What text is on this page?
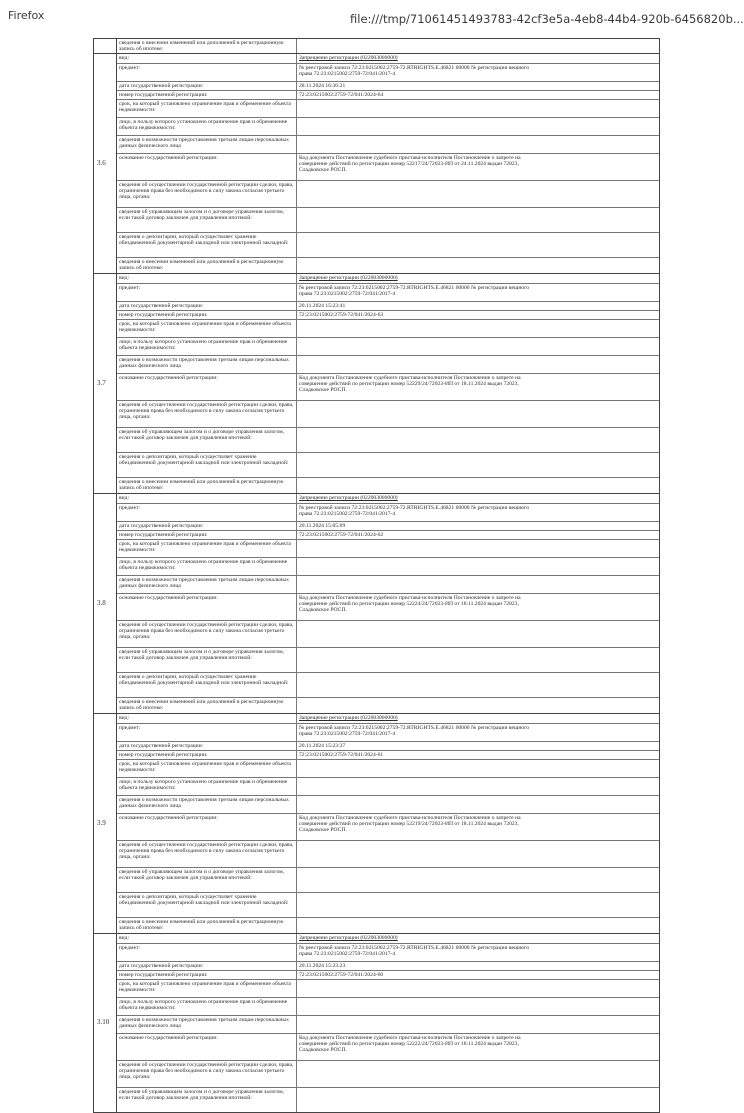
Firefox	file:///tmp/71061451493783-42cf3e5a-4eb8-44b4-920b-6456820b...
сведения о внесении изменений или дополнений в регистрационную запись об ипотеке:
3.6
вид:	Запрещение регистрации (022003000000)
предмет:	№ реестровой записи 72:23:0215002:2759-72.RTRIGHTS.E.46821 60000 № регистрации вещного
права 72:23:0215002:2759-72/041/2017-4
дата государственной регистрации:	28.11.2024 16:36:21
номер государственной регистрации:	72:23:0215002:2759-72/041/2024-64
срок, на который установлено ограничение прав и обременение объекта недвижимости:
лицо, в пользу которого установлено ограничение прав и обременение объекта недвижимости:
сведения о возможности предоставления третьим лицам персональных данных физического лица
основание государственной регистрации:	Код документа Постановление судебного пристава-исполнителя Постановление о запрете на
совершение действий по регистрации номер 52217/24/72023-ИП от 24.11.2024 выдан 72023,
Сладковское РОСП.
сведения об осуществлении государственной регистрации сделки, права, ограничения права без необходимого в силу закона согласия третьего лица, органа:
сведения об управляющем залогом и о договоре управления залогом, если такой договор заключен для управления ипотекой:
сведения о депозитарии, который осуществляет хранение обездвиженной документарной закладной или электронной закладной:
сведения о внесении изменений или дополнений в регистрационную запись об ипотеке:
3.7
вид:	Запрещение регистрации (022003000000)
предмет:	№ реестровой записи 72:23:0215002:2759-72.RTRIGHTS.E.46821 60000 № регистрации вещного
права 72:23:0215002:2759-72/041/2017-4
дата государственной регистрации:	20.11.2024 15:23:41
номер государственной регистрации:	72:23:0215002:2759-72/041/2024-63
срок, на который установлено ограничение прав и обременение объекта недвижимости:
лицо, в пользу которого установлено ограничение прав и обременение объекта недвижимости:
сведения о возможности предоставления третьим лицам персональных данных физического лица
основание государственной регистрации:	Код документа Постановление судебного пристава-исполнителя Постановление о запрете на
совершение действий по регистрации номер 52229/24/72023-ИП от 18.11.2024 выдан 72023,
Сладковское РОСП.
сведения об осуществлении государственной регистрации сделки, права, ограничения права без необходимого в силу закона согласия третьего лица, органа:
сведения об управляющем залогом и о договоре управления залогом, если такой договор заключен для управления ипотекой:
сведения о депозитарии, который осуществляет хранение обездвиженной документарной закладной или электронной закладной:
сведения о внесении изменений или дополнений в регистрационную запись об ипотеке:
3.8
вид:	Запрещение регистрации (022003000000)
предмет:	№ реестровой записи 72:23:0215002:2759-72.RTRIGHTS.E.46821 60000 № регистрации вещного
права 72:23:0215002:2759-72/041/2017-4
дата государственной регистрации:	20.11.2024 15:05:09
номер государственной регистрации:	72:23:0215002:2759-72/041/2024-62
срок, на который установлено ограничение прав и обременение объекта недвижимости:
лицо, в пользу которого установлено ограничение прав и обременение объекта недвижимости:
сведения о возможности предоставления третьим лицам персональных данных физического лица
основание государственной регистрации:	Код документа Постановление судебного пристава-исполнителя Постановление о запрете на
совершение действий по регистрации номер 52224/24/72023-ИП от 18.11.2024 выдан 72023,
Сладковское РОСП.
сведения об осуществлении государственной регистрации сделки, права, ограничения права без необходимого в силу закона согласия третьего лица, органа:
сведения об управляющем залогом и о договоре управления залогом, если такой договор заключен для управления ипотекой:
сведения о депозитарии, который осуществляет хранение обездвиженной документарной закладной или электронной закладной:
сведения о внесении изменений или дополнений в регистрационную запись об ипотеке:
3.9
вид:	Запрещение регистрации (022003000000)
предмет:	№ реестровой записи 72:23:0215002:2759-72.RTRIGHTS.E.46821 60000 № регистрации вещного
права 72:23:0215002:2759-72/041/2017-4
дата государственной регистрации:	20.11.2024 15:23:37
номер государственной регистрации:	72:23:0215002:2759-72/041/2024-61
срок, на который установлено ограничение прав и обременение объекта недвижимости:
лицо, в пользу которого установлено ограничение прав и обременение объекта недвижимости:
сведения о возможности предоставления третьим лицам персональных данных физического лица
основание государственной регистрации:	Код документа Постановление судебного пристава-исполнителя Постановление о запрете на
совершение действий по регистрации номер 52219/24/72023-ИП от 18.11.2024 выдан 72023,
Сладковское РОСП.
сведения об осуществлении государственной регистрации сделки, права, ограничения права без необходимого в силу закона согласия третьего лица, органа:
сведения об управляющем залогом и о договоре управления залогом, если такой договор заключен для управления ипотекой:
сведения о депозитарии, который осуществляет хранение обездвиженной документарной закладной или электронной закладной:
сведения о внесении изменений или дополнений в регистрационную запись об ипотеке:
3.10
вид:	Запрещение регистрации (022003000000)
предмет:	№ реестровой записи 72:23:0215002:2759-72.RTRIGHTS.E.46821 60000 № регистрации вещного
права 72:23:0215002:2759-72/041/2017-4
дата государственной регистрации:	20.11.2024 15:23:23
номер государственной регистрации:	72:23:0215002:2759-72/041/2024-60
срок, на который установлено ограничение прав и обременение объекта недвижимости:
лицо, в пользу которого установлено ограничение прав и обременение объекта недвижимости:
сведения о возможности предоставления третьим лицам персональных данных физического лица
основание государственной регистрации:	Код документа Постановление судебного пристава-исполнителя Постановление о запрете на
совершение действий по регистрации номер 52222/24/72023-ИП от 18.11.2024 выдан 72023,
Сладковское РОСП.
сведения об осуществлении государственной регистрации сделки, права, ограничения права без необходимого в силу закона согласия третьего лица, органа:
сведения об управляющем залогом и о договоре управления залогом, если такой договор заключен для управления ипотекой:
